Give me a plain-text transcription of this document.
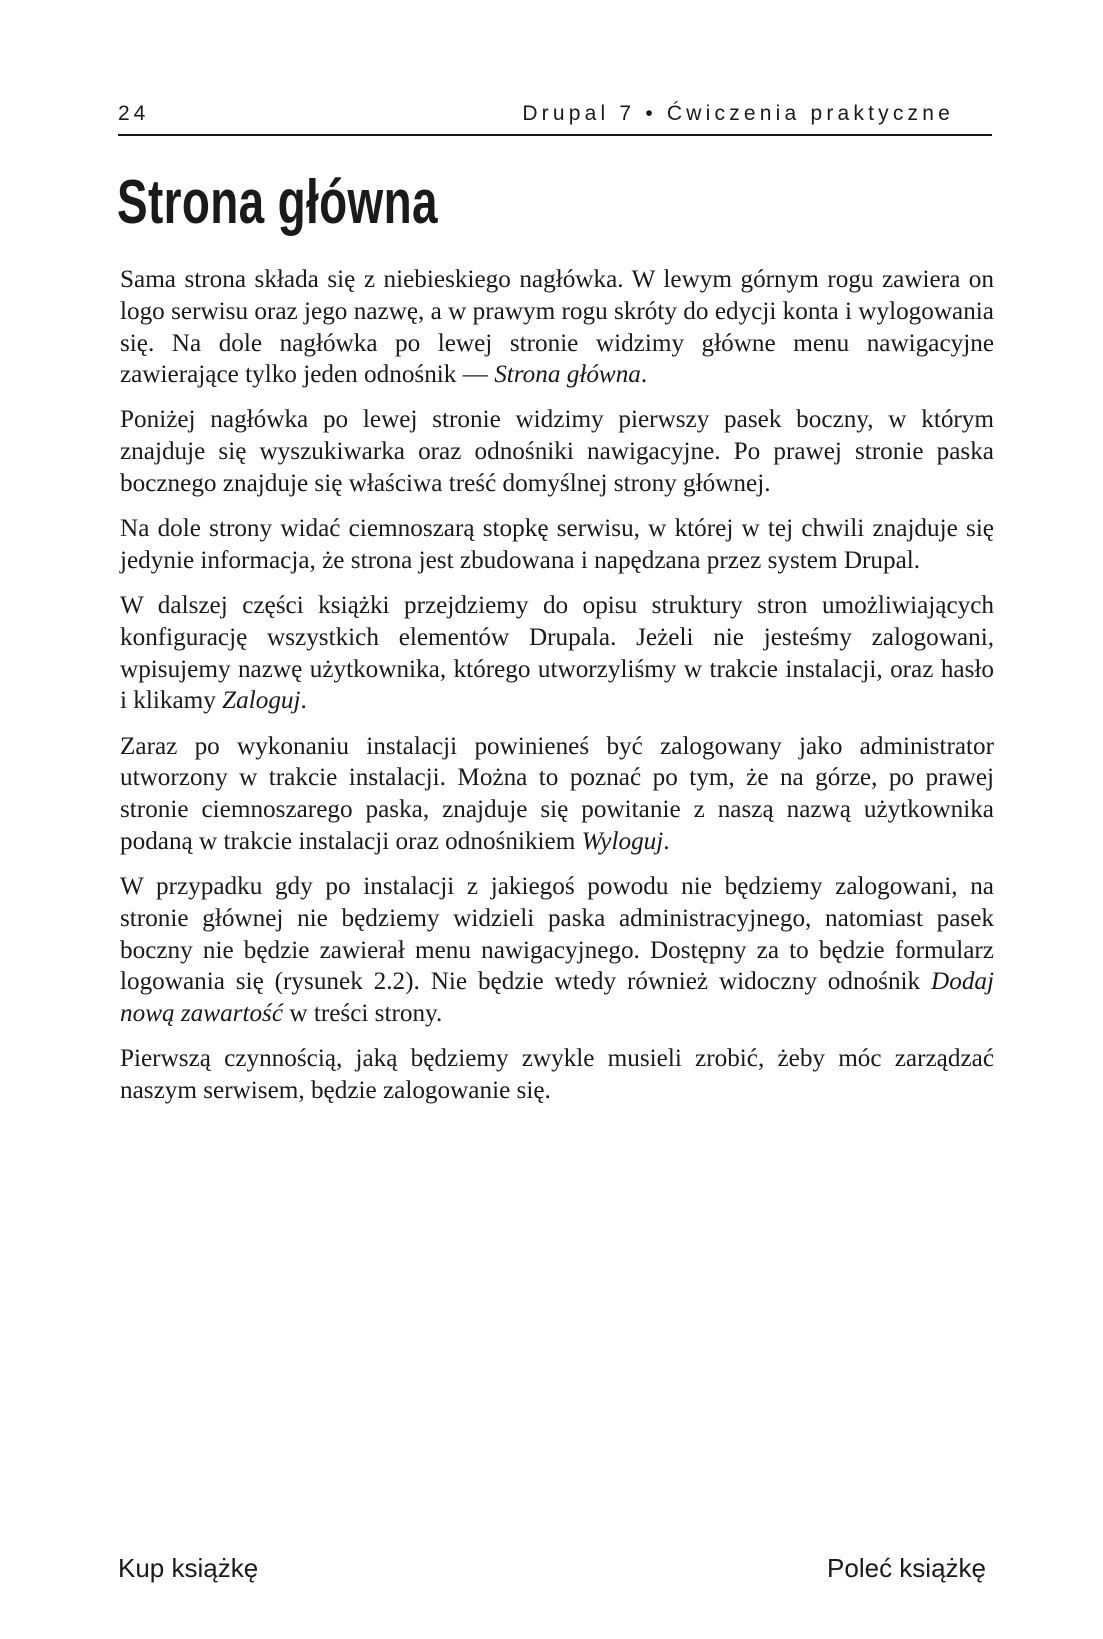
24	Drupal 7 • Ćwiczenia praktyczne
Strona główna

Sama strona składa się z niebieskiego nagłówka. W lewym górnym rogu zawiera on logo serwisu oraz jego nazwę, a w prawym rogu skróty do edycji konta i wylogowania się. Na dole nagłówka po lewej stronie widzimy główne menu nawigacyjne zawierające tylko jeden odnośnik — Strona główna.

Poniżej nagłówka po lewej stronie widzimy pierwszy pasek boczny, w którym znajduje się wyszukiwarka oraz odnośniki nawigacyjne. Po prawej stronie paska bocznego znajduje się właściwa treść domyślnej strony głównej.

Na dole strony widać ciemnoszarą stopkę serwisu, w której w tej chwili znajduje się jedynie informacja, że strona jest zbudowana i napędzana przez system Drupal.

W dalszej części książki przejdziemy do opisu struktury stron umożliwiających konfigurację wszystkich elementów Drupala. Jeżeli nie jesteśmy zalogowani, wpisujemy nazwę użytkownika, którego utworzyliśmy w trakcie instalacji, oraz hasło i klikamy Zaloguj.

Zaraz po wykonaniu instalacji powinieneś być zalogowany jako administrator utworzony w trakcie instalacji. Można to poznać po tym, że na górze, po prawej stronie ciemnoszarego paska, znajduje się powitanie z naszą nazwą użytkownika podaną w trakcie instalacji oraz odnośnikiem Wyloguj.

W przypadku gdy po instalacji z jakiegoś powodu nie będziemy zalogowani, na stronie głównej nie będziemy widzieli paska administracyjnego, natomiast pasek boczny nie będzie zawierał menu nawigacyjnego. Dostępny za to będzie formularz logowania się (rysunek 2.2). Nie będzie wtedy również widoczny odnośnik Dodaj nową zawartość w treści strony.

Pierwszą czynnością, jaką będziemy zwykle musieli zrobić, żeby móc zarządzać naszym serwisem, będzie zalogowanie się.

Kup książkę	Poleć książkę
